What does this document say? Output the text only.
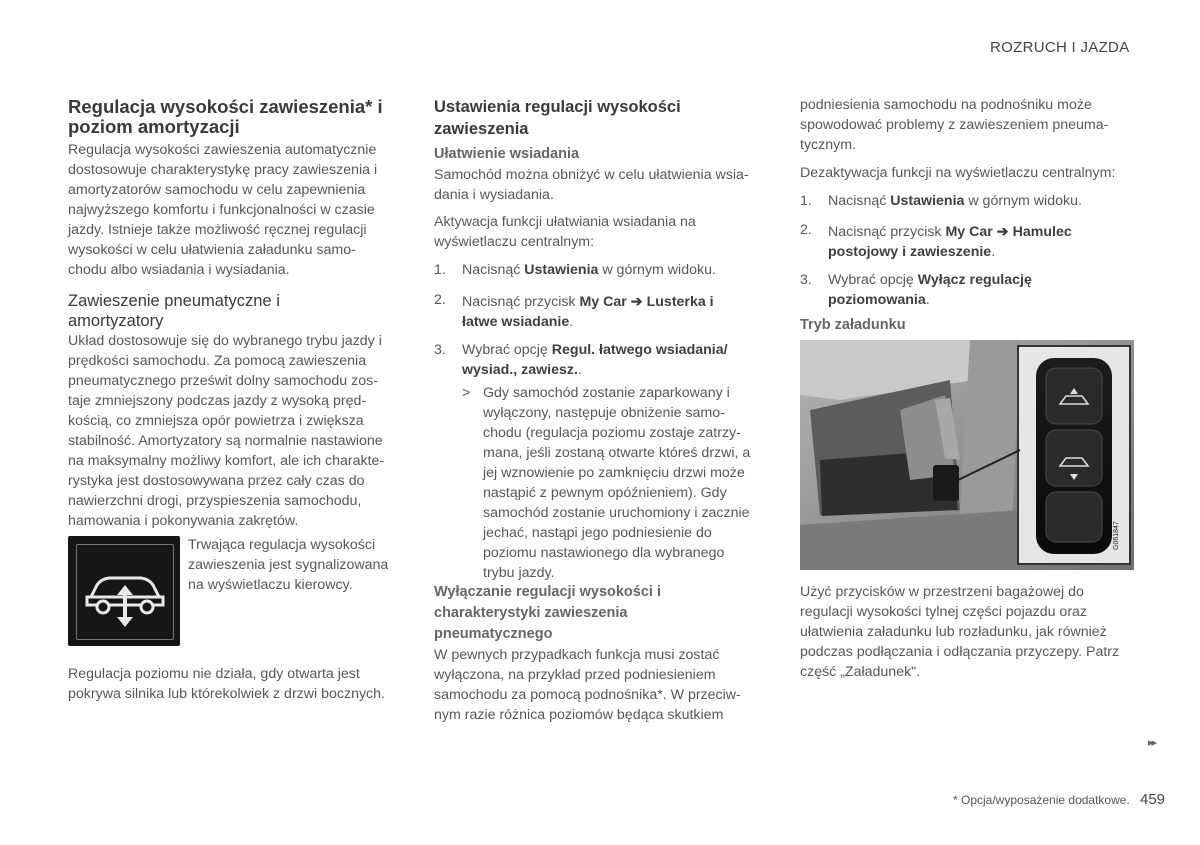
ROZRUCH I JAZDA
Regulacja wysokości zawieszenia* i
poziom amortyzacji
Regulacja wysokości zawieszenia automatycznie
dostosowuje charakterystykę pracy zawieszenia i
amortyzatorów samochodu w celu zapewnienia
najwyższego komfortu i funkcjonalności w czasie
jazdy. Istnieje także możliwość ręcznej regulacji
wysokości w celu ułatwienia załadunku samo-
chodu albo wsiadania i wysiadania.
Zawieszenie pneumatyczne i
amortyzatory
Układ dostosowuje się do wybranego trybu jazdy i
prędkości samochodu. Za pomocą zawieszenia
pneumatycznego prześwit dolny samochodu zos-
taje zmniejszony podczas jazdy z wysoką pręd-
kością, co zmniejsza opór powietrza i zwiększa
stabilność. Amortyzatory są normalnie nastawione
na maksymalny możliwy komfort, ale ich charakte-
rystyka jest dostosowywana przez cały czas do
nawierzchni drogi, przyspieszenia samochodu,
hamowania i pokonywania zakrętów.
Trwająca regulacja wysokości
zawieszenia jest sygnalizowana
na wyświetlaczu kierowcy.
Regulacja poziomu nie działa, gdy otwarta jest
pokrywa silnika lub którekolwiek z drzwi bocznych.
Ustawienia regulacji wysokości
zawieszenia
Ułatwienie wsiadania
Samochód można obniżyć w celu ułatwienia wsia-
dania i wysiadania.
Aktywacja funkcji ułatwiania wsiadania na
wyświetlaczu centralnym:
1. Nacisnąć Ustawienia w górnym widoku.
2. Nacisnąć przycisk My Car ➔ Lusterka i
łatwe wsiadanie.
3. Wybrać opcję Regul. łatwego wsiadania/
wysiad., zawiesz..
> Gdy samochód zostanie zaparkowany i
wyłączony, następuje obniżenie samo-
chodu (regulacja poziomu zostaje zatrzy-
mana, jeśli zostaną otwarte któreś drzwi, a
jej wznowienie po zamknięciu drzwi może
nastąpić z pewnym opóźnieniem). Gdy
samochód zostanie uruchomiony i zacznie
jechać, nastąpi jego podniesienie do
poziomu nastawionego dla wybranego
trybu jazdy.
Wyłączanie regulacji wysokości i
charakterystyki zawieszenia
pneumatycznego
W pewnych przypadkach funkcja musi zostać
wyłączona, na przykład przed podniesieniem
samochodu za pomocą podnośnika*. W przeciw-
nym razie różnica poziomów będąca skutkiem
podniesienia samochodu na podnośniku może
spowodować problemy z zawieszeniem pneuma-
tycznym.
Dezaktywacja funkcji na wyświetlaczu centralnym:
1. Nacisnąć Ustawienia w górnym widoku.
2. Nacisnąć przycisk My Car ➔ Hamulec
postojowy i zawieszenie.
3. Wybrać opcję Wyłącz regulację
poziomowania.
Tryb załadunku
G061847
Użyć przycisków w przestrzeni bagażowej do
regulacji wysokości tylnej części pojazdu oraz
ułatwienia załadunku lub rozładunku, jak również
podczas podłączania i odłączania przyczepy. Patrz
część „Załadunek".
▸▸
* Opcja/wyposażenie dodatkowe. 459
